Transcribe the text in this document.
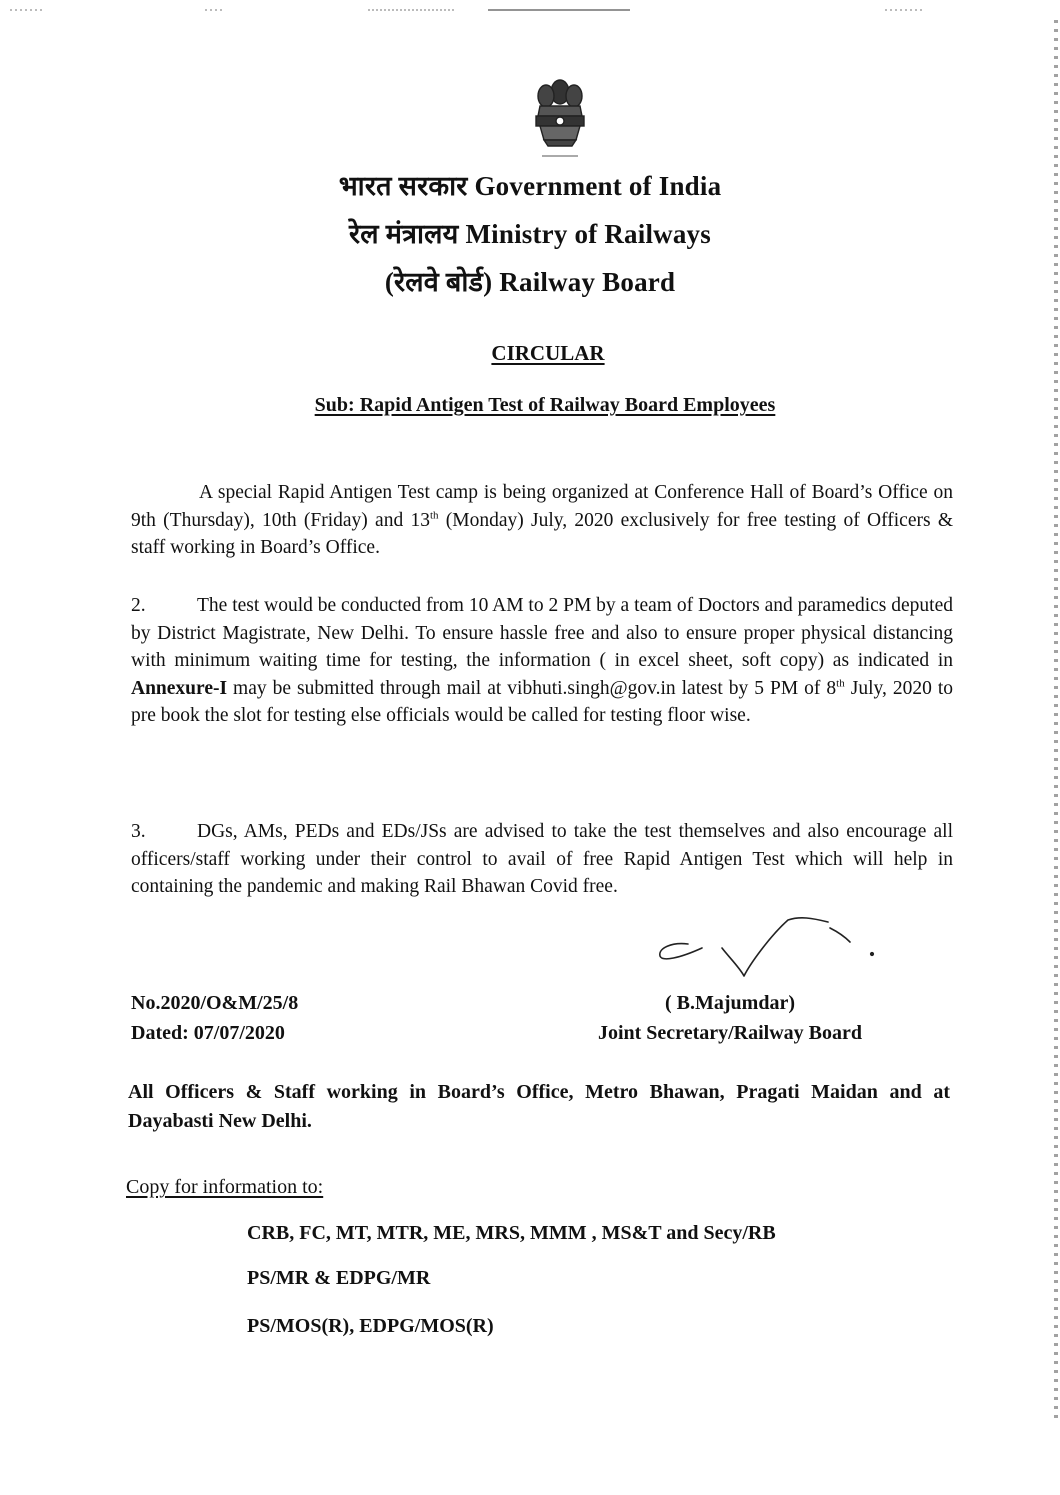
भारत सरकार Government of India
रेल मंत्रालय Ministry of Railways
(रेलवे बोर्ड) Railway Board
CIRCULAR
Sub: Rapid Antigen Test of Railway Board Employees
A special Rapid Antigen Test camp is being organized at Conference Hall of Board’s Office on 9th (Thursday), 10th (Friday) and 13th (Monday) July, 2020 exclusively for free testing of Officers & staff working in Board’s Office.
2.	The test would be conducted from 10 AM to 2 PM by a team of Doctors and paramedics deputed by District Magistrate, New Delhi. To ensure hassle free and also to ensure proper physical distancing with minimum waiting time for testing, the information ( in excel sheet, soft copy) as indicated in Annexure-I may be submitted through mail at vibhuti.singh@gov.in latest by 5 PM of 8th July, 2020 to pre book the slot for testing else officials would be called for testing floor wise.
3.	DGs, AMs, PEDs and EDs/JSs are advised to take the test themselves and also encourage all officers/staff working under their control to avail of free Rapid Antigen Test which will help in containing the pandemic and making Rail Bhawan Covid free.
No.2020/O&M/25/8
Dated: 07/07/2020
( B.Majumdar)
Joint Secretary/Railway Board
All Officers & Staff working in Board’s Office, Metro Bhawan, Pragati Maidan and at Dayabasti New Delhi.
Copy for information to:
CRB, FC, MT, MTR, ME, MRS, MMM , MS&T and Secy/RB
PS/MR & EDPG/MR
PS/MOS(R), EDPG/MOS(R)
